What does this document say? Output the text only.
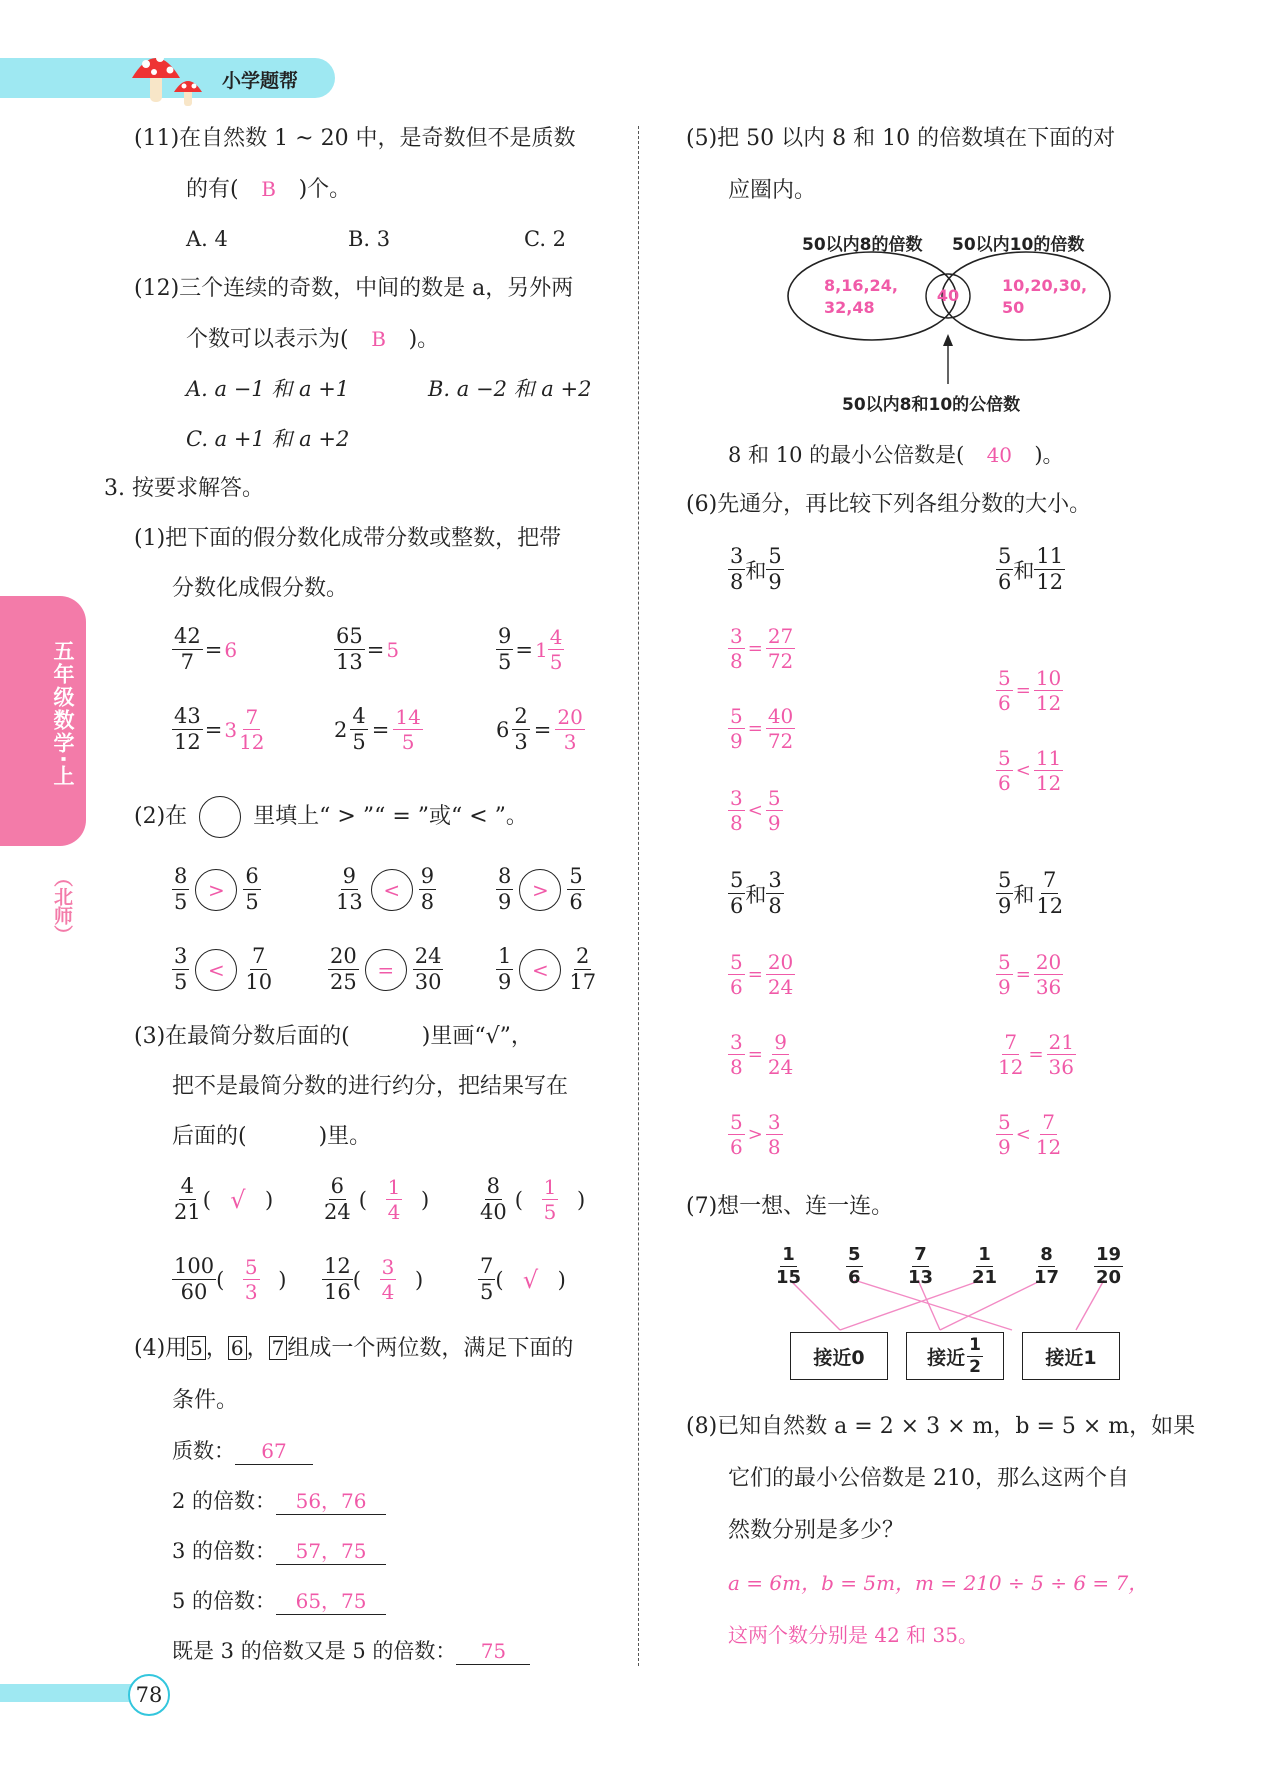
小学题帮
五年级数学·上
（北师）
78
(11)在自然数 1 ~ 20 中，是奇数但不是质数
的有( B )个。
A. 4	B. 3	C. 2
(12)三个连续的奇数，中间的数是 a，另外两
个数可以表示为( B )。
A. a −1 和 a +1	B. a −2 和 a +2
C. a +1 和 a +2
3. 按要求解答。
(1)把下面的假分数化成带分数或整数，把带
分数化成假分数。
$\frac{42}{7} = 6$	$\frac{65}{13} = 5$	$\frac{9}{5} = 1 \frac{4}{5}$
$\frac{43}{12} = 3 \frac{7}{12}$	$2 \frac{4}{5} = \frac{14}{5}$	$6 \frac{2}{3} = \frac{20}{3}$
(2)在	里填上“ > ”“ = ”或“ < ”。
$\frac{8}{5} > \frac{6}{5}$	$\frac{9}{13} < \frac{9}{8}$	$\frac{8}{9} > \frac{5}{6}$
$\frac{3}{5} < \frac{7}{10}$	$\frac{20}{25} = \frac{24}{30}$	$\frac{1}{9} < \frac{2}{17}$
(3)在最简分数后面的(	)里画“√”，
把不是最简分数的进行约分，把结果写在
后面的(	)里。
$\frac{4}{21}$ ( √ ) $\frac{6}{24}$ ( $\frac{1}{4}$ ) $\frac{8}{40}$ ( $\frac{1}{5}$ )
$\frac{100}{60}$ ( $\frac{5}{3}$ ) $\frac{12}{16}$ ( $\frac{3}{4}$ )	$\frac{7}{5}$ ( √ )
(4)用 5 ， 6 ， 7 组成一个两位数，满足下面的
条件。
质数： 67
2 的倍数： 56，76
3 的倍数： 57，75
5 的倍数： 65，75
既是 3 的倍数又是 5 的倍数： 75
(5)把 50 以内 8 和 10 的倍数填在下面的对
应圈内。
50以内8的倍数 50以内10的倍数
8,16,24,
32,48
40
10,20,30,
50
50以内8和10的公倍数
8 和 10 的最小公倍数是( 40 )。
(6)先通分，再比较下列各组分数的大小。
$\frac{3}{8}$ 和 $\frac{5}{9}$
$\frac{3}{8} = \frac{27}{72}$
$\frac{5}{9} = \frac{40}{72}$
$\frac{3}{8} < \frac{5}{9}$
$\frac{5}{6}$ 和 $\frac{11}{12}$
$\frac{5}{6} = \frac{10}{12}$
$\frac{5}{6} < \frac{11}{12}$
$\frac{5}{6}$ 和 $\frac{3}{8}$
$\frac{5}{6} = \frac{20}{24}$
$\frac{3}{8} = \frac{9}{24}$
$\frac{5}{6} > \frac{3}{8}$
$\frac{5}{9}$ 和 $\frac{7}{12}$
$\frac{5}{9} = \frac{20}{36}$
$\frac{7}{12} = \frac{21}{36}$
$\frac{5}{9} < \frac{7}{12}$
(7)想一想、连一连。
$\frac{1}{15} \frac{5}{6} \frac{7}{13} \frac{1}{21} \frac{8}{17} \frac{19}{20}$
接近0	接近 $\frac{1}{2}$	接近1
(8)已知自然数 a = 2 × 3 × m，b = 5 × m，如果
它们的最小公倍数是 210，那么这两个自
然数分别是多少？
a = 6m，b = 5m，m = 210 ÷ 5 ÷ 6 = 7，
这两个数分别是 42 和 35。
